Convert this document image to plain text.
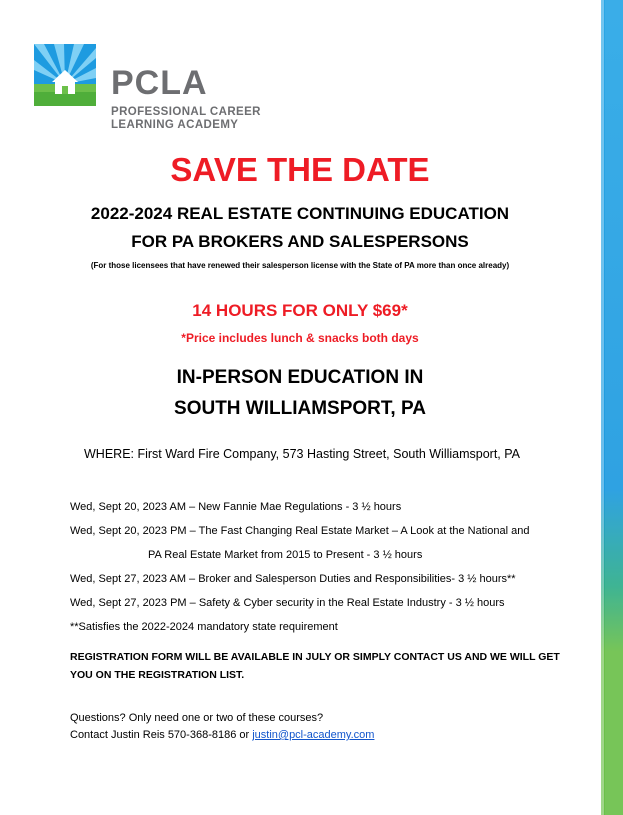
PCLA
PROFESSIONAL CAREER
LEARNING ACADEMY
SAVE THE DATE
2022-2024 REAL ESTATE CONTINUING EDUCATION
FOR PA BROKERS AND SALESPERSONS
(For those licensees that have renewed their salesperson license with the State of PA more than once already)
14 HOURS FOR ONLY $69*
*Price includes lunch & snacks both days
IN-PERSON EDUCATION IN
SOUTH WILLIAMSPORT, PA
WHERE: First Ward Fire Company, 573 Hasting Street, South Williamsport, PA
Wed, Sept 20, 2023 AM – New Fannie Mae Regulations - 3 ½ hours
Wed, Sept 20, 2023 PM – The Fast Changing Real Estate Market – A Look at the National and
PA Real Estate Market from 2015 to Present - 3 ½ hours
Wed, Sept 27, 2023 AM – Broker and Salesperson Duties and Responsibilities- 3 ½ hours**
Wed, Sept 27, 2023 PM – Safety & Cyber security in the Real Estate Industry - 3 ½ hours
**Satisfies the 2022-2024 mandatory state requirement
REGISTRATION FORM WILL BE AVAILABLE IN JULY OR SIMPLY CONTACT US AND WE WILL GET
YOU ON THE REGISTRATION LIST.
Questions? Only need one or two of these courses?
Contact Justin Reis 570-368-8186 or justin@pcl-academy.com
